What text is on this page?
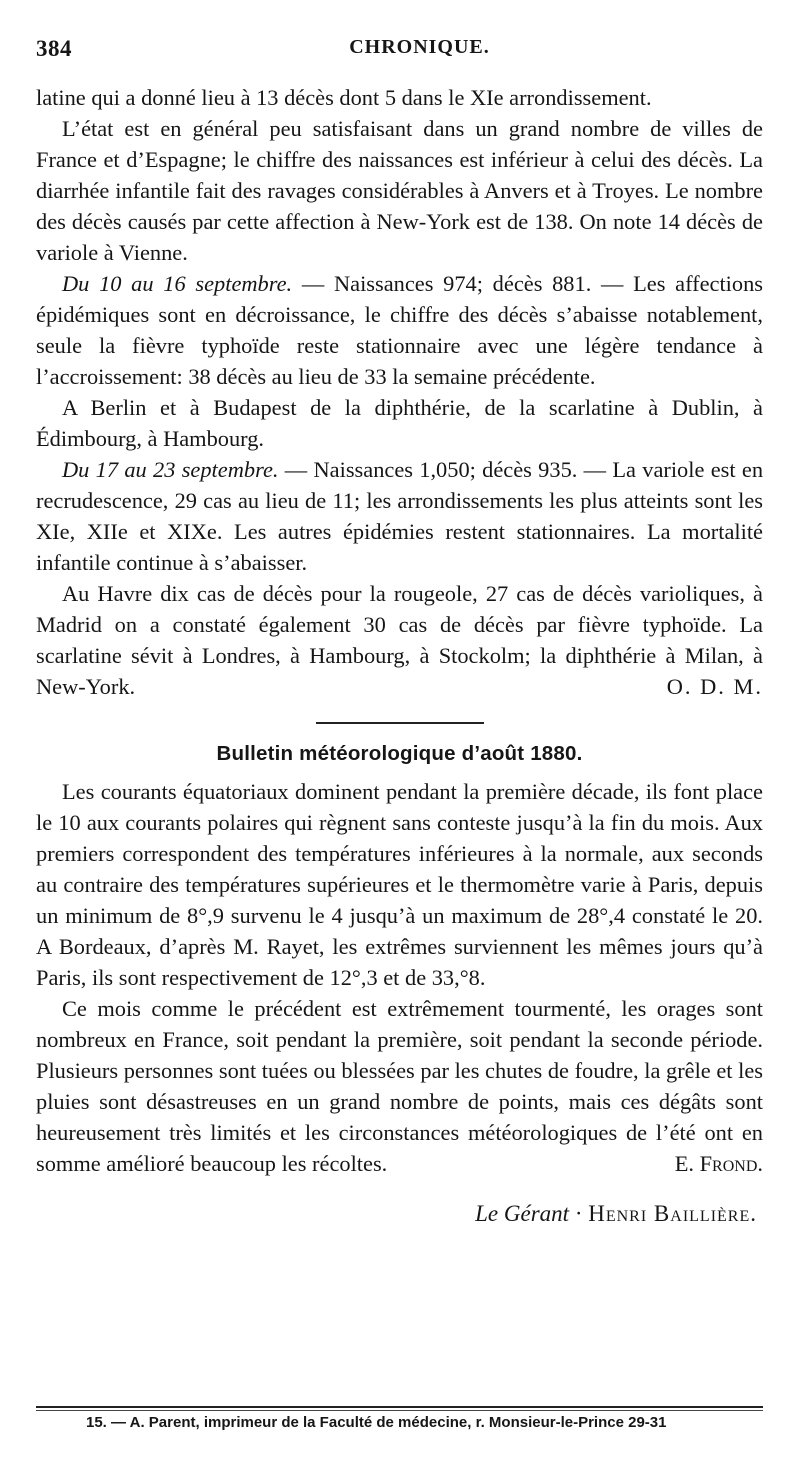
384	CHRONIQUE.

latine qui a donné lieu à 13 décès dont 5 dans le XIe arrondissement.

L’état est en général peu satisfaisant dans un grand nombre de villes de France et d’Espagne; le chiffre des naissances est inférieur à celui des décès. La diarrhée infantile fait des ravages considérables à Anvers et à Troyes. Le nombre des décès causés par cette affection à New-York est de 138. On note 14 décès de variole à Vienne.

Du 10 au 16 septembre. — Naissances 974; décès 881. — Les affections épidémiques sont en décroissance, le chiffre des décès s’abaisse notablement, seule la fièvre typhoïde reste stationnaire avec une légère tendance à l’accroissement: 38 décès au lieu de 33 la semaine précédente.

A Berlin et à Budapest de la diphthérie, de la scarlatine à Dublin, à Édimbourg, à Hambourg.

Du 17 au 23 septembre. — Naissances 1,050; décès 935. — La variole est en recrudescence, 29 cas au lieu de 11; les arrondissements les plus atteints sont les XIe, XIIe et XIXe. Les autres épidémies restent stationnaires. La mortalité infantile continue à s’abaisser.

Au Havre dix cas de décès pour la rougeole, 27 cas de décès varioliques, à Madrid on a constaté également 30 cas de décès par fièvre typhoïde. La scarlatine sévit à Londres, à Hambourg, à Stockolm; la diphthérie à Milan, à New-York.	O. D. M.

Bulletin météorologique d’août 1880.

Les courants équatoriaux dominent pendant la première décade, ils font place le 10 aux courants polaires qui règnent sans conteste jusqu’à la fin du mois. Aux premiers correspondent des températures inférieures à la normale, aux seconds au contraire des températures supérieures et le thermomètre varie à Paris, depuis un minimum de 8°,9 survenu le 4 jusqu’à un maximum de 28°,4 constaté le 20. A Bordeaux, d’après M. Rayet, les extrêmes surviennent les mêmes jours qu’à Paris, ils sont respectivement de 12°,3 et de 33,°8.

Ce mois comme le précédent est extrêmement tourmenté, les orages sont nombreux en France, soit pendant la première, soit pendant la seconde période. Plusieurs personnes sont tuées ou blessées par les chutes de foudre, la grêle et les pluies sont désastreuses en un grand nombre de points, mais ces dégâts sont heureusement très limités et les circonstances météorologiques de l’été ont en somme amélioré beaucoup les récoltes.	E. Frond.

Le Gérant · Henri Baillière.
15. — A. Parent, imprimeur de la Faculté de médecine, r. Monsieur-le-Prince 29-31
